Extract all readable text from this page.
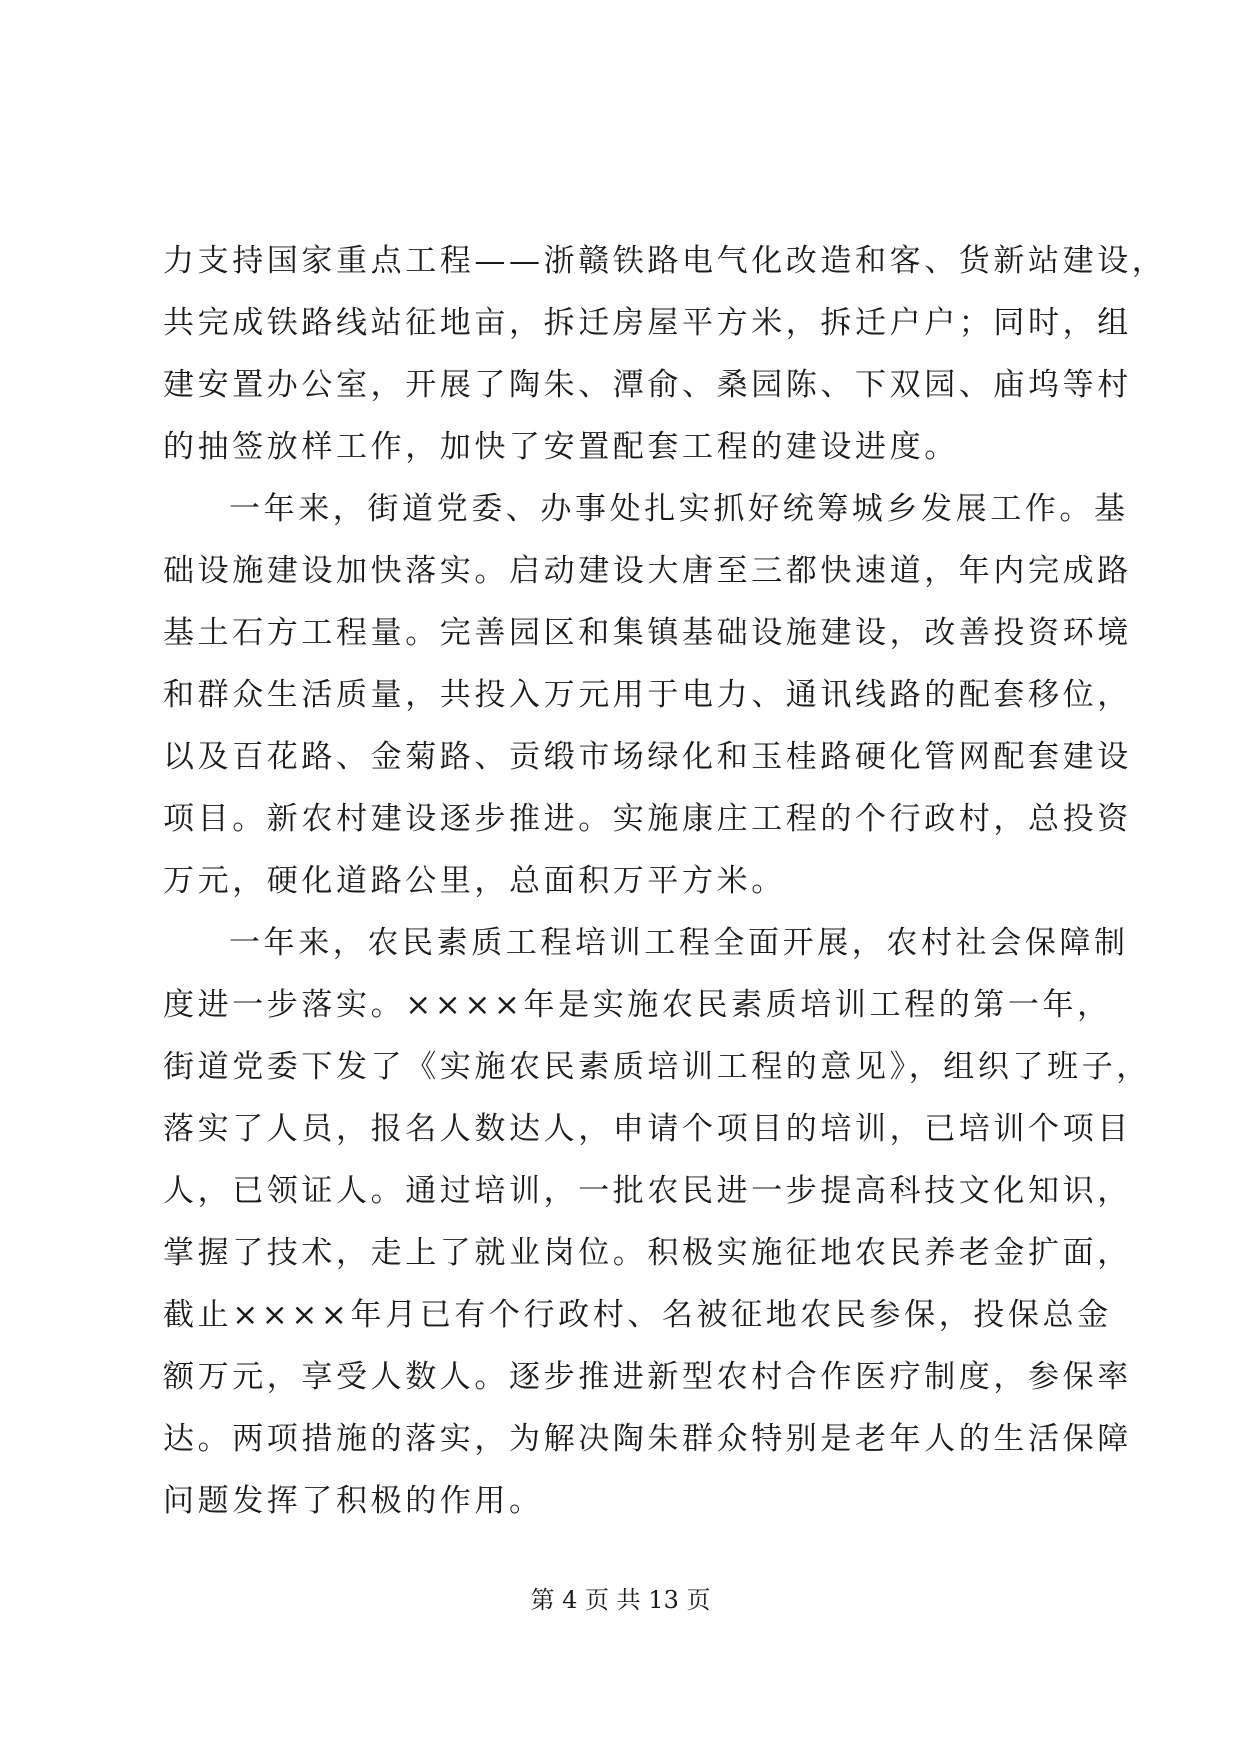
力支持国家重点工程——浙赣铁路电气化改造和客、货新站建设，
共完成铁路线站征地亩，拆迁房屋平方米，拆迁户户；同时，组
建安置办公室，开展了陶朱、潭俞、桑园陈、下双园、庙坞等村
的抽签放样工作，加快了安置配套工程的建设进度。
一年来，街道党委、办事处扎实抓好统筹城乡发展工作。基
础设施建设加快落实。启动建设大唐至三都快速道，年内完成路
基土石方工程量。完善园区和集镇基础设施建设，改善投资环境
和群众生活质量，共投入万元用于电力、通讯线路的配套移位，
以及百花路、金菊路、贡缎市场绿化和玉桂路硬化管网配套建设
项目。新农村建设逐步推进。实施康庄工程的个行政村，总投资
万元，硬化道路公里，总面积万平方米。
一年来，农民素质工程培训工程全面开展，农村社会保障制
度进一步落实。××××年是实施农民素质培训工程的第一年，
街道党委下发了《实施农民素质培训工程的意见》，组织了班子，
落实了人员，报名人数达人，申请个项目的培训，已培训个项目
人，已领证人。通过培训，一批农民进一步提高科技文化知识，
掌握了技术，走上了就业岗位。积极实施征地农民养老金扩面，
截止××××年月已有个行政村、名被征地农民参保，投保总金
额万元，享受人数人。逐步推进新型农村合作医疗制度，参保率
达。两项措施的落实，为解决陶朱群众特别是老年人的生活保障
问题发挥了积极的作用。
第 4 页 共 13 页
